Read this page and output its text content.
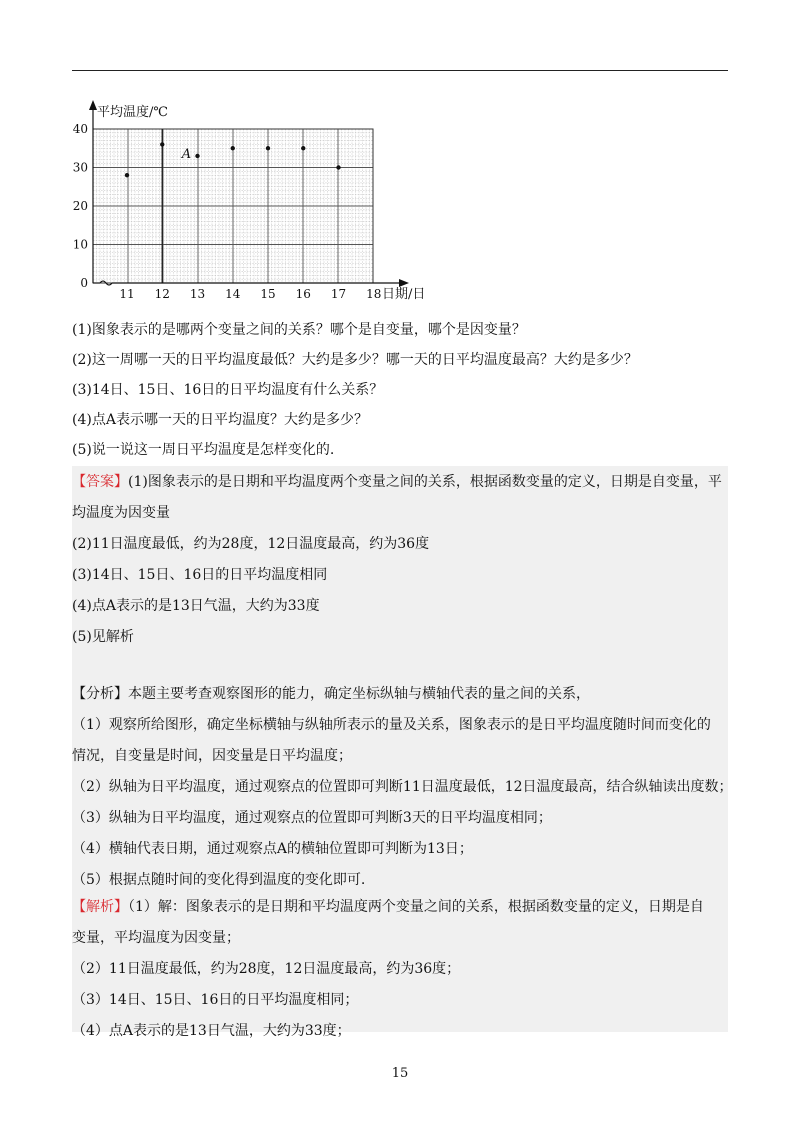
0
10
20
30
40
11 12 13 14 15 16 17 18
平均温度/℃
日期/日
A
(1)图象表示的是哪两个变量之间的关系？哪个是自变量，哪个是因变量？
(2)这一周哪一天的日平均温度最低？大约是多少？哪一天的日平均温度最高？大约是多少？
(3)14日、15日、16日的日平均温度有什么关系？
(4)点A表示哪一天的日平均温度？大约是多少？
(5)说一说这一周日平均温度是怎样变化的.
【答案】(1)图象表示的是日期和平均温度两个变量之间的关系，根据函数变量的定义，日期是自变量，平
均温度为因变量
(2)11日温度最低，约为28度，12日温度最高，约为36度
(3)14日、15日、16日的日平均温度相同
(4)点A表示的是13日气温，大约为33度
(5)见解析
【分析】本题主要考查观察图形的能力，确定坐标纵轴与横轴代表的量之间的关系，
（1）观察所给图形，确定坐标横轴与纵轴所表示的量及关系，图象表示的是日平均温度随时间而变化的
情况，自变量是时间，因变量是日平均温度；
（2）纵轴为日平均温度，通过观察点的位置即可判断11日温度最低，12日温度最高，结合纵轴读出度数；
（3）纵轴为日平均温度，通过观察点的位置即可判断3天的日平均温度相同；
（4）横轴代表日期，通过观察点A的横轴位置即可判断为13日；
（5）根据点随时间的变化得到温度的变化即可.
【解析】（1）解：图象表示的是日期和平均温度两个变量之间的关系，根据函数变量的定义，日期是自
变量，平均温度为因变量；
（2）11日温度最低，约为28度，12日温度最高，约为36度；
（3）14日、15日、16日的日平均温度相同；
（4）点A表示的是13日气温，大约为33度；
15
